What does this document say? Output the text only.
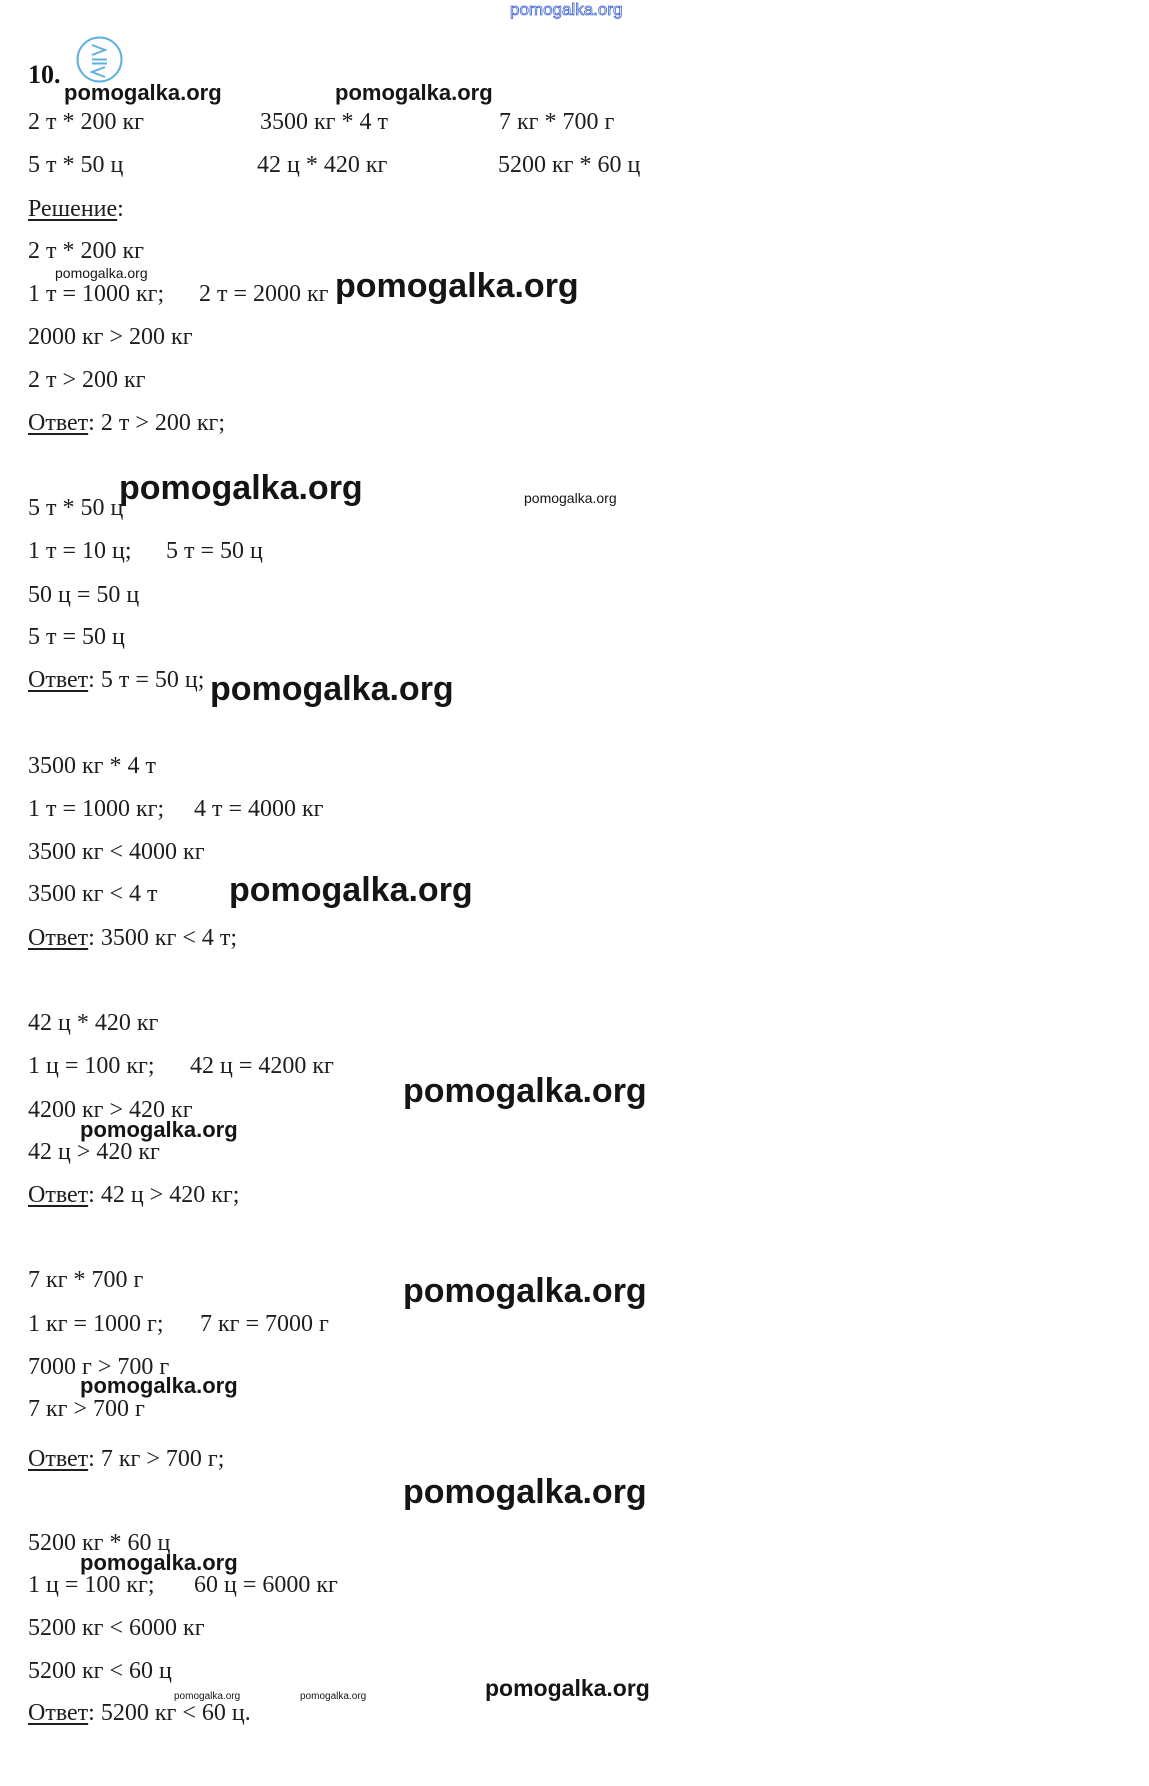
pomogalka.org
10.
pomogalka.org	pomogalka.org
2 т * 200 кг	3500 кг * 4 т	7 кг * 700 г
5 т * 50 ц	42 ц * 420 кг	5200 кг * 60 ц
Решение:
2 т * 200 кг
pomogalka.org
1 т = 1000 кг; 2 т = 2000 кг pomogalka.org
2000 кг > 200 кг
2 т > 200 кг
Ответ: 2 т > 200 кг;
5 т * 50 ц
pomogalka.org	pomogalka.org
1 т = 10 ц; 5 т = 50 ц
50 ц = 50 ц
5 т = 50 ц
Ответ: 5 т = 50 ц; pomogalka.org
3500 кг * 4 т
1 т = 1000 кг; 4 т = 4000 кг
3500 кг < 4000 кг
3500 кг < 4 т pomogalka.org
Ответ: 3500 кг < 4 т;
42 ц * 420 кг
1 ц = 100 кг; 42 ц = 4200 кг
pomogalka.org
4200 кг > 420 кг
pomogalka.org
42 ц > 420 кг
Ответ: 42 ц > 420 кг;
7 кг * 700 г	pomogalka.org
1 кг = 1000 г; 7 кг = 7000 г
7000 г > 700 г
pomogalka.org
7 кг > 700 г
Ответ: 7 кг > 700 г;
pomogalka.org
5200 кг * 60 ц
pomogalka.org
1 ц = 100 кг; 60 ц = 6000 кг
5200 кг < 6000 кг
5200 кг < 60 ц
pomogalka.org	pomogalka.org	pomogalka.org
Ответ: 5200 кг < 60 ц.
